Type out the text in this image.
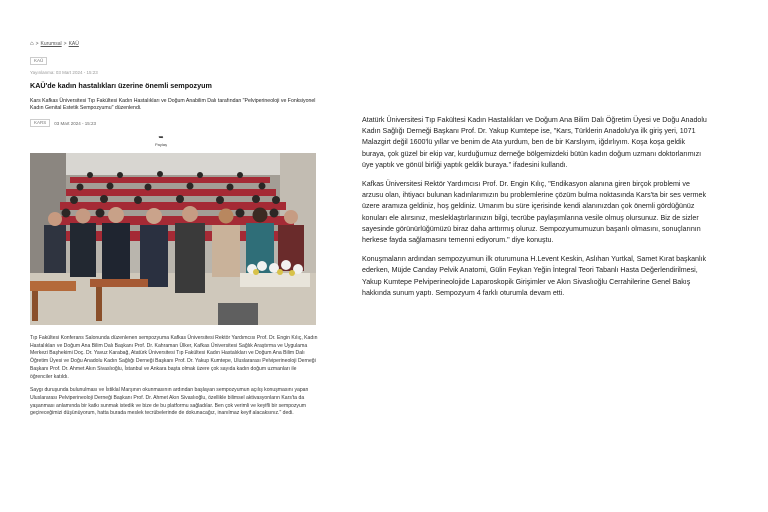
⌂ > Kurumsal > KAÜ
KAÜ
Yayınlanma: 03 Mart 2024 - 15:23
KAÜ'de kadın hastalıkları üzerine önemli sempozyum
Kars Kafkas Üniversitesi Tıp Fakültesi Kadın Hastalıkları ve Doğum Anabilim Dalı tarafından "Pelviperineoloji ve Fonksiyonel Kadın Genital Estetik Sempozyumu" düzenlendi.
KARS	03 Mart 2024 - 15:23
➥
Paylaş
Tıp Fakültesi Konferans Salonunda düzenlenen sempozyuma Kafkas Üniversitesi Rektör Yardımcısı Prof. Dr. Engin Kılıç, Kadın Hastalıkları ve Doğum Ana Bilim Dalı Başkanı Prof. Dr. Kahraman Ülker, Kafkas Üniversitesi Sağlık Araştırma ve Uygulama Merkezi Başhekimi Doç. Dr. Yavuz Karabağ, Atatürk Üniversitesi Tıp Fakültesi Kadın Hastalıkları ve Doğum Ana Bilim Dalı Öğretim Üyesi ve Doğu Anadolu Kadın Sağlığı Derneği Başkanı Prof. Dr. Yakup Kumtepe, Uluslararası Pelviperineoloji Derneği Başkanı Prof. Dr. Ahmet Akın Sivaslıoğlu, İstanbul ve Ankara başta olmak üzere çok sayıda kadın doğum uzmanları ile öğrenciler katıldı.
Saygı duruşunda bulunulması ve İstiklal Marşının okunmasının ardından başlayan sempozyumun açılış konuşmasını yapan Uluslararası Pelviperineoloji Derneği Başkanı Prof. Dr. Ahmet Akın Sivaslıoğlu, özellikle bilimsel aktivasyonların Kars'ta da yaşanması anlamında bir katkı sunmak istedik ve bize de bu platformu sağladılar. Ben çok verimli ve keyifli bir sempozyum geçireceğimizi düşünüyorum, hatta burada meslek tecrübelerinde de dokunacağız, inanılmaz keyif alacaksınız." dedi.

Atatürk Üniversitesi Tıp Fakültesi Kadın Hastalıkları ve Doğum Ana Bilim Dalı Öğretim Üyesi ve Doğu Anadolu Kadın Sağlığı Derneği Başkanı Prof. Dr. Yakup Kumtepe ise, "Kars, Türklerin Anadolu'ya ilk giriş yeri, 1071 Malazgirt değil 1600'lü yıllar ve benim de Ata yurdum, ben de bir Karslıyım, iğdırlıyım. Koşa koşa geldik buraya, çok güzel bir ekip var, kurduğumuz derneğe bölgemizdeki bütün kadın doğum uzmanı doktorlarımızı üye yaptık ve gönül birliği yaptık geldik buraya." ifadesini kullandı.

Kafkas Üniversitesi Rektör Yardımcısı Prof. Dr. Engin Kılıç, "Endikasyon alanına giren birçok problemi ve arzusu olan, ihtiyacı bulunan kadınlarımızın bu problemlerine çözüm bulma noktasında Kars'ta bir ses vermek üzere aramıza geldiniz, hoş geldiniz. Umarım bu süre içerisinde kendi alanınızdan çok önemli gördüğünüz konuları ele alırsınız, mesleklaştırlarınızın bilgi, tecrübe paylaşımlarına vesile olmuş olursunuz. Biz de sizler sayesinde görünürlüğümüzü biraz daha arttırmış oluruz. Sempozyumumuzun başarılı olmasını, sonuçlarının herkese fayda sağlamasını temenni ediyorum." diye konuştu.

Konuşmaların ardından sempozyumun ilk oturumuna H.Levent Keskin, Aslıhan Yurtkal, Samet Kırat başkanlık ederken, Müjde Canday Pelvik Anatomi, Gülin Feykan Yeğin İntegral Teori Tabanlı Hasta Değerlendirilmesi, Yakup Kumtepe Pelviperineolojide Laparoskopik Girişimler ve Akın Sivaslıoğlu Cerrahilerine Genel Bakış hakkında sunum yaptı. Sempozyum 4 farklı oturumla devam etti.
